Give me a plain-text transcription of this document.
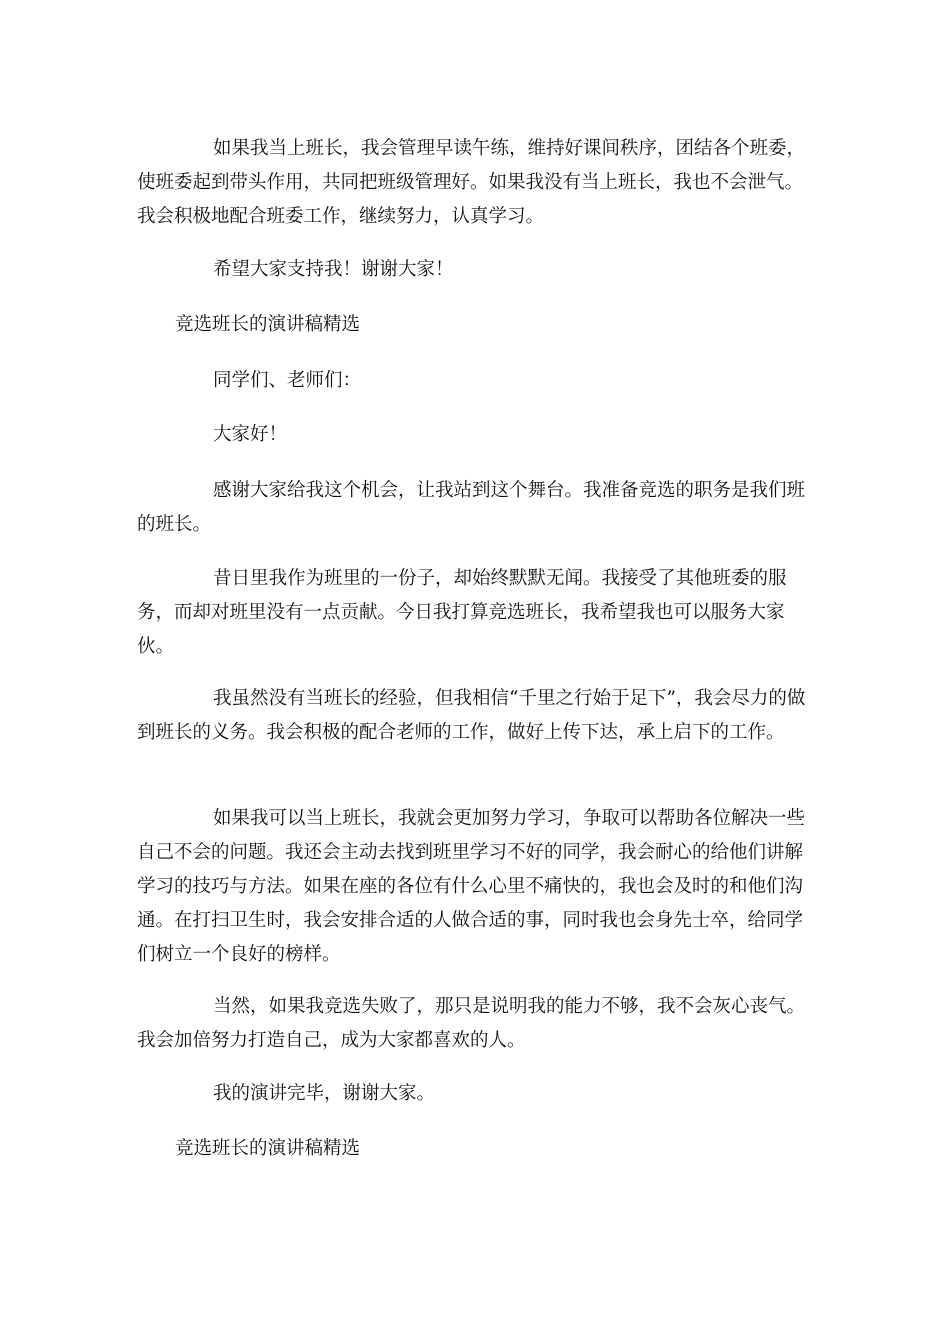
如果我当上班长，我会管理早读午练，维持好课间秩序，团结各个班委，使班委起到带头作用，共同把班级管理好。如果我没有当上班长，我也不会泄气。我会积极地配合班委工作，继续努力，认真学习。

希望大家支持我！谢谢大家！

竞选班长的演讲稿精选

同学们、老师们：

大家好！

感谢大家给我这个机会，让我站到这个舞台。我准备竞选的职务是我们班的班长。

昔日里我作为班里的一份子，却始终默默无闻。我接受了其他班委的服务，而却对班里没有一点贡献。今日我打算竞选班长，我希望我也可以服务大家伙。

我虽然没有当班长的经验，但我相信“千里之行始于足下”，我会尽力的做到班长的义务。我会积极的配合老师的工作，做好上传下达，承上启下的工作。

如果我可以当上班长，我就会更加努力学习，争取可以帮助各位解决一些自己不会的问题。我还会主动去找到班里学习不好的同学，我会耐心的给他们讲解学习的技巧与方法。如果在座的各位有什么心里不痛快的，我也会及时的和他们沟通。在打扫卫生时，我会安排合适的人做合适的事，同时我也会身先士卒，给同学们树立一个良好的榜样。

当然，如果我竞选失败了，那只是说明我的能力不够，我不会灰心丧气。我会加倍努力打造自己，成为大家都喜欢的人。

我的演讲完毕，谢谢大家。

竞选班长的演讲稿精选
